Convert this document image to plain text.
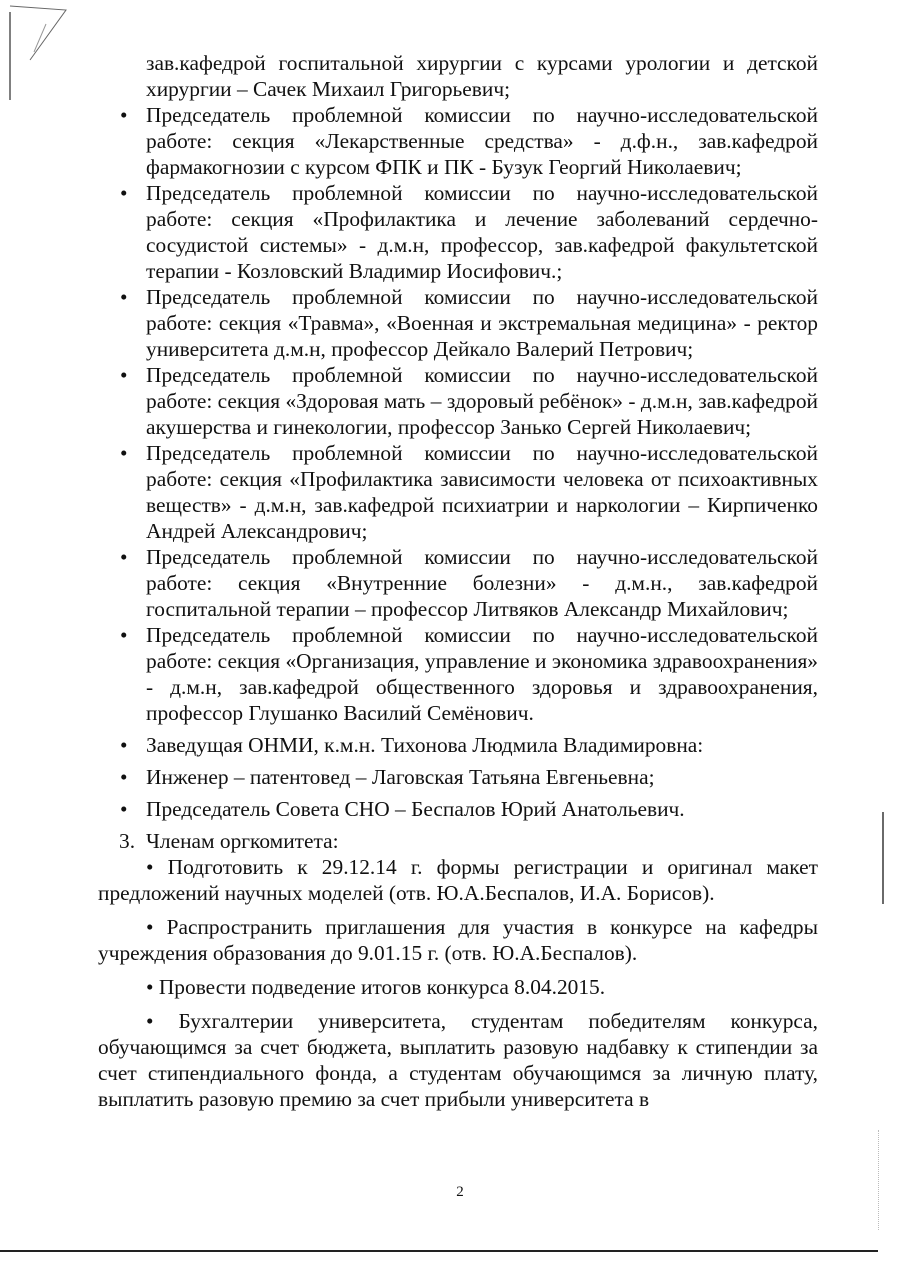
зав.кафедрой госпитальной хирургии с курсами урологии и детской хирургии – Сачек Михаил Григорьевич;

• Председатель проблемной комиссии по научно-исследовательской работе: секция «Лекарственные средства» - д.ф.н., зав.кафедрой фармакогнозии с курсом ФПК и ПК - Бузук Георгий Николаевич;
• Председатель проблемной комиссии по научно-исследовательской работе: секция «Профилактика и лечение заболеваний сердечно-сосудистой системы» - д.м.н, профессор, зав.кафедрой факультетской терапии - Козловский Владимир Иосифович.;
• Председатель проблемной комиссии по научно-исследовательской работе: секция «Травма», «Военная и экстремальная медицина» - ректор университета д.м.н, профессор Дейкало Валерий Петрович;
• Председатель проблемной комиссии по научно-исследовательской работе: секция «Здоровая мать – здоровый ребёнок» - д.м.н, зав.кафедрой акушерства и гинекологии, профессор Занько Сергей Николаевич;
• Председатель проблемной комиссии по научно-исследовательской работе: секция «Профилактика зависимости человека от психоактивных веществ» - д.м.н, зав.кафедрой психиатрии и наркологии – Кирпиченко Андрей Александрович;
• Председатель проблемной комиссии по научно-исследовательской работе: секция «Внутренние болезни» - д.м.н., зав.кафедрой госпитальной терапии – профессор Литвяков Александр Михайлович;
• Председатель проблемной комиссии по научно-исследовательской работе: секция «Организация, управление и экономика здравоохранения» - д.м.н, зав.кафедрой общественного здоровья и здравоохранения, профессор Глушанко Василий Семёнович.
• Заведущая ОНМИ, к.м.н. Тихонова Людмила Владимировна:
• Инженер – патентовед – Лаговская Татьяна Евгеньевна;
• Председатель Совета СНО – Беспалов Юрий Анатольевич.
3. Членам оргкомитета:

• Подготовить к 29.12.14 г. формы регистрации и оригинал макет предложений научных моделей (отв. Ю.А.Беспалов, И.А. Борисов).

• Распространить приглашения для участия в конкурсе на кафедры учреждения образования до 9.01.15 г. (отв. Ю.А.Беспалов).

• Провести подведение итогов конкурса 8.04.2015.

• Бухгалтерии университета, студентам победителям конкурса, обучающимся за счет бюджета, выплатить разовую надбавку к стипендии за счет стипендиального фонда, а студентам обучающимся за личную плату, выплатить разовую премию за счет прибыли университета в

2
